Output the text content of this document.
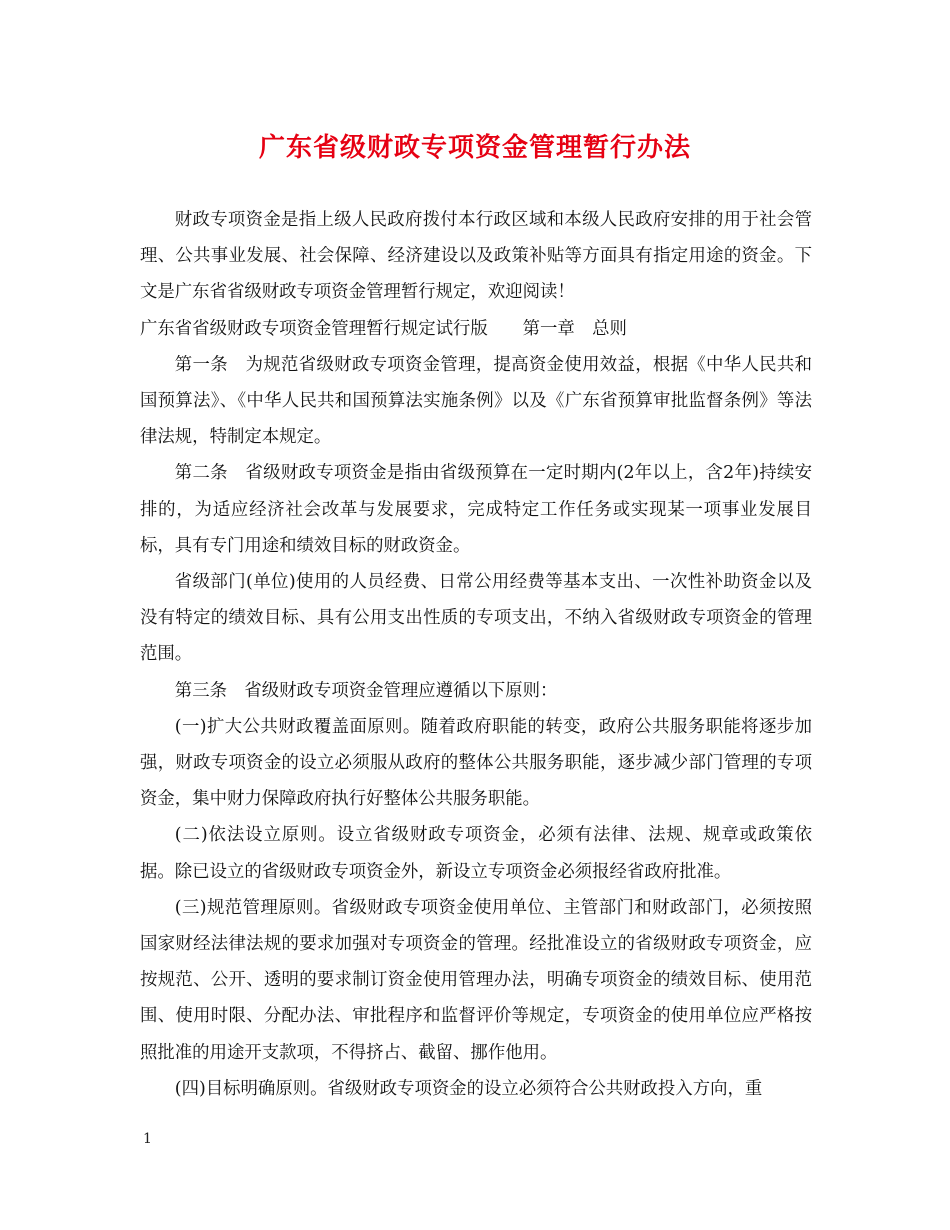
广东省级财政专项资金管理暂行办法

财政专项资金是指上级人民政府拨付本行政区域和本级人民政府安排的用于社会管理、公共事业发展、社会保障、经济建设以及政策补贴等方面具有指定用途的资金。下文是广东省省级财政专项资金管理暂行规定，欢迎阅读！

广东省省级财政专项资金管理暂行规定试行版　　第一章　总则

第一条　为规范省级财政专项资金管理，提高资金使用效益，根据《中华人民共和国预算法》、《中华人民共和国预算法实施条例》以及《广东省预算审批监督条例》等法律法规，特制定本规定。

第二条　省级财政专项资金是指由省级预算在一定时期内(2年以上，含2年)持续安排的，为适应经济社会改革与发展要求，完成特定工作任务或实现某一项事业发展目标，具有专门用途和绩效目标的财政资金。

省级部门(单位)使用的人员经费、日常公用经费等基本支出、一次性补助资金以及没有特定的绩效目标、具有公用支出性质的专项支出，不纳入省级财政专项资金的管理范围。

第三条　省级财政专项资金管理应遵循以下原则：

(一)扩大公共财政覆盖面原则。随着政府职能的转变，政府公共服务职能将逐步加强，财政专项资金的设立必须服从政府的整体公共服务职能，逐步减少部门管理的专项资金，集中财力保障政府执行好整体公共服务职能。

(二)依法设立原则。设立省级财政专项资金，必须有法律、法规、规章或政策依据。除已设立的省级财政专项资金外，新设立专项资金必须报经省政府批准。

(三)规范管理原则。省级财政专项资金使用单位、主管部门和财政部门，必须按照国家财经法律法规的要求加强对专项资金的管理。经批准设立的省级财政专项资金，应按规范、公开、透明的要求制订资金使用管理办法，明确专项资金的绩效目标、使用范围、使用时限、分配办法、审批程序和监督评价等规定，专项资金的使用单位应严格按照批准的用途开支款项，不得挤占、截留、挪作他用。

(四)目标明确原则。省级财政专项资金的设立必须符合公共财政投入方向，重

1
